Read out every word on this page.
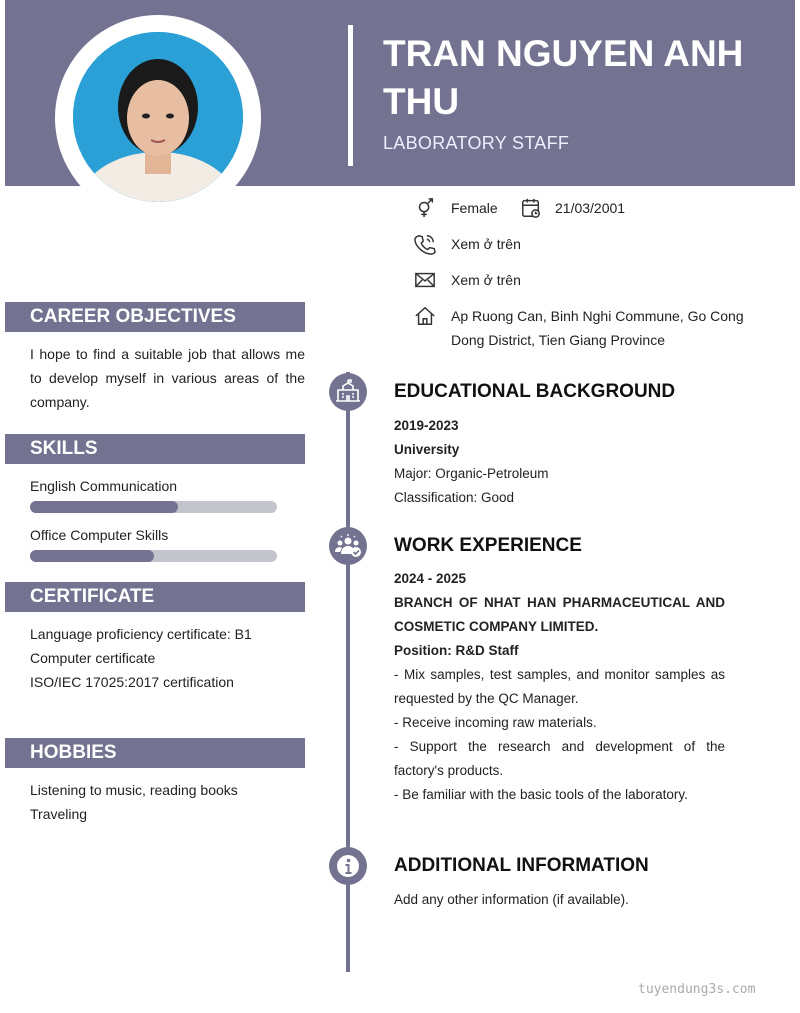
TRAN NGUYEN ANH THU
LABORATORY STAFF
Female	21/03/2001
Xem ở trên
Xem ở trên
Ap Ruong Can, Binh Nghi Commune, Go Cong Dong District, Tien Giang Province
CAREER OBJECTIVES
I hope to find a suitable job that allows me to develop myself in various areas of the company.
SKILLS
English Communication
Office Computer Skills
CERTIFICATE
Language proficiency certificate: B1
Computer certificate
ISO/IEC 17025:2017 certification
HOBBIES
Listening to music, reading books
Traveling
EDUCATIONAL BACKGROUND
2019-2023
University
Major: Organic-Petroleum
Classification: Good
WORK EXPERIENCE
2024 - 2025
BRANCH OF NHAT HAN PHARMACEUTICAL AND COSMETIC COMPANY LIMITED.
Position: R&D Staff
- Mix samples, test samples, and monitor samples as requested by the QC Manager.
- Receive incoming raw materials.
- Support the research and development of the factory's products.
- Be familiar with the basic tools of the laboratory.
ADDITIONAL INFORMATION
Add any other information (if available).
tuyendung3s.com
